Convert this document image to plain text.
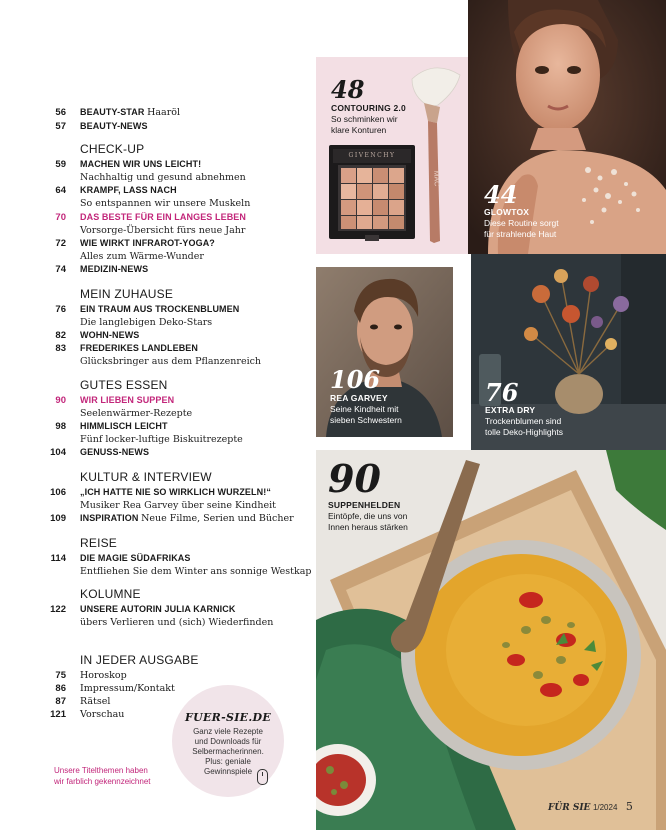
56 BEAUTY-STAR Haaröl
57 BEAUTY-NEWS
CHECK-UP
59 MACHEN WIR UNS LEICHT!
Nachhaltig und gesund abnehmen
64 KRAMPF, LASS NACH
So entspannen wir unsere Muskeln
70 DAS BESTE FÜR EIN LANGES LEBEN
Vorsorge-Übersicht fürs neue Jahr
72 WIE WIRKT INFRAROT-YOGA?
Alles zum Wärme-Wunder
74 MEDIZIN-NEWS
MEIN ZUHAUSE
76 EIN TRAUM AUS TROCKENBLUMEN
Die langlebigen Deko-Stars
82 WOHN-NEWS
83 FREDERIKES LANDLEBEN
Glücksbringer aus dem Pflanzenreich
GUTES ESSEN
90 WIR LIEBEN SUPPEN
Seelenwärmer-Rezepte
98 HIMMLISCH LEICHT
Fünf locker-luftige Biskuitrezepte
104 GENUSS-NEWS
KULTUR & INTERVIEW
106 „ICH HATTE NIE SO WIRKLICH WURZELN!“
Musiker Rea Garvey über seine Kindheit
109 INSPIRATION Neue Filme, Serien und Bücher
REISE
114 DIE MAGIE SÜDAFRIKAS
Entfliehen Sie dem Winter ans sonnige Westkap
KOLUMNE
122 UNSERE AUTORIN JULIA KARNICK
übers Verlieren und (sich) Wiederfinden
IN JEDER AUSGABE
75 Horoskop
86 Impressum/Kontakt
87 Rätsel
121 Vorschau	FUER-SIE.DE
Ganz viele Rezepte und Downloads für Selbermacherinnen. Plus: geniale Gewinnspiele
Unsere Titelthemen haben
wir farblich gekennzeichnet
48
CONTOURING 2.0
So schminken wir
klare Konturen
GIVENCHY
MAC
44
GLOWTOX
Diese Routine sorgt
für strahlende Haut
106
REA GARVEY
Seine Kindheit mit
sieben Schwestern
76
EXTRA DRY
Trockenblumen sind
tolle Deko-Highlights
90
SUPPENHELDEN
Eintöpfe, die uns von
Innen heraus stärken
FÜR SIE 1/2024 5
